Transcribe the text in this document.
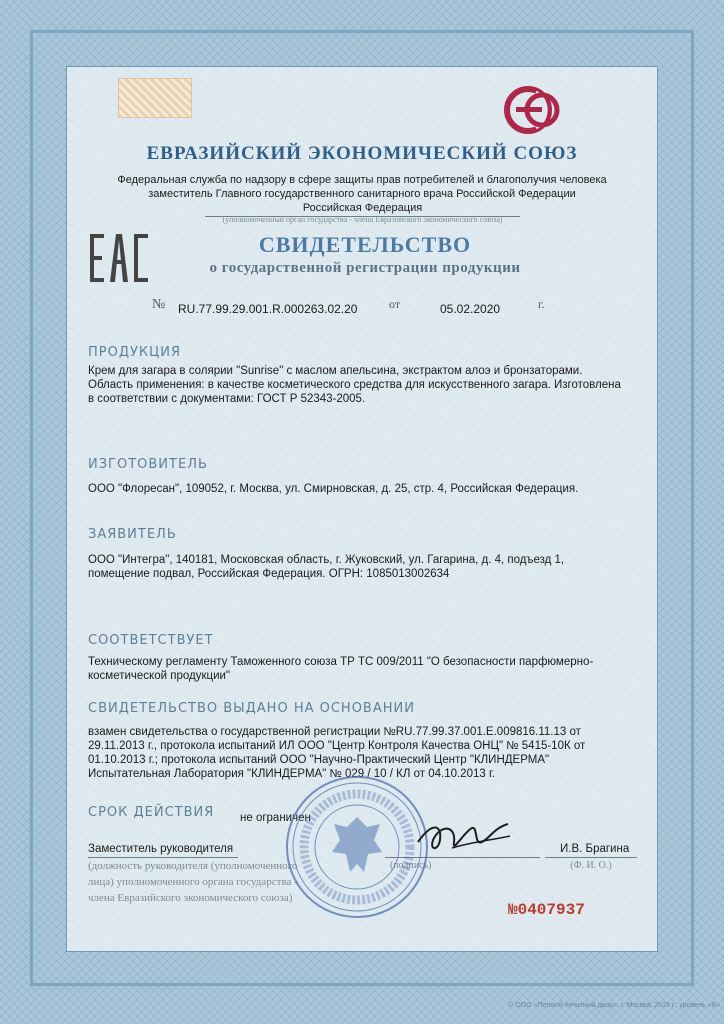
ЕВРАЗИЙСКИЙ ЭКОНОМИЧЕСКИЙ СОЮЗ
Федеральная служба по надзору в сфере защиты прав потребителей и благополучия человека
заместитель Главного государственного санитарного врача Российской Федерации
Российская Федерация
(уполномоченный орган государства - члена Евразийского экономического союза)
СВИДЕТЕЛЬСТВО
о государственной регистрации продукции
№ RU.77.99.29.001.R.000263.02.20	от	05.02.2020	г.
ПРОДУКЦИЯ
Крем для загара в солярии "Sunrise" с маслом апельсина, экстрактом алоэ и бронзаторами.
Область применения: в качестве косметического средства для искусственного загара. Изготовлена
в соответствии с документами: ГОСТ Р 52343-2005.
ИЗГОТОВИТЕЛЬ
ООО "Флоресан", 109052, г. Москва, ул. Смирновская, д. 25, стр. 4, Российская Федерация.
ЗАЯВИТЕЛЬ
ООО "Интегра", 140181, Московская область, г. Жуковский, ул. Гагарина, д. 4, подъезд 1,
помещение подвал, Российская Федерация. ОГРН: 1085013002634
СООТВЕТСТВУЕТ
Техническому регламенту Таможенного союза ТР ТС 009/2011 "О безопасности парфюмерно-
косметической продукции"
СВИДЕТЕЛЬСТВО ВЫДАНО НА ОСНОВАНИИ
взамен свидетельства о государственной регистрации №RU.77.99.37.001.Е.009816.11.13 от
29.11.2013 г., протокола испытаний ИЛ ООО "Центр Контроля Качества ОНЦ" № 5415-10К от
01.10.2013 г.; протокола испытаний ООО "Научно-Практический Центр "КЛИНДЕРМА"
Испытательная Лаборатория "КЛИНДЕРМА" № 029 / 10 / КЛ от 04.10.2013 г.
СРОК ДЕЙСТВИЯ не ограничен
Заместитель руководителя	И.В. Брагина
(подпись)	(Ф. И. О.)
(должность руководителя (уполномоченного
лица) уполномоченного органа государства -
члена Евразийского экономического союза)
№0407937
© ООО «Первый печатный двор», г. Москва, 2019 г., уровень «В»
